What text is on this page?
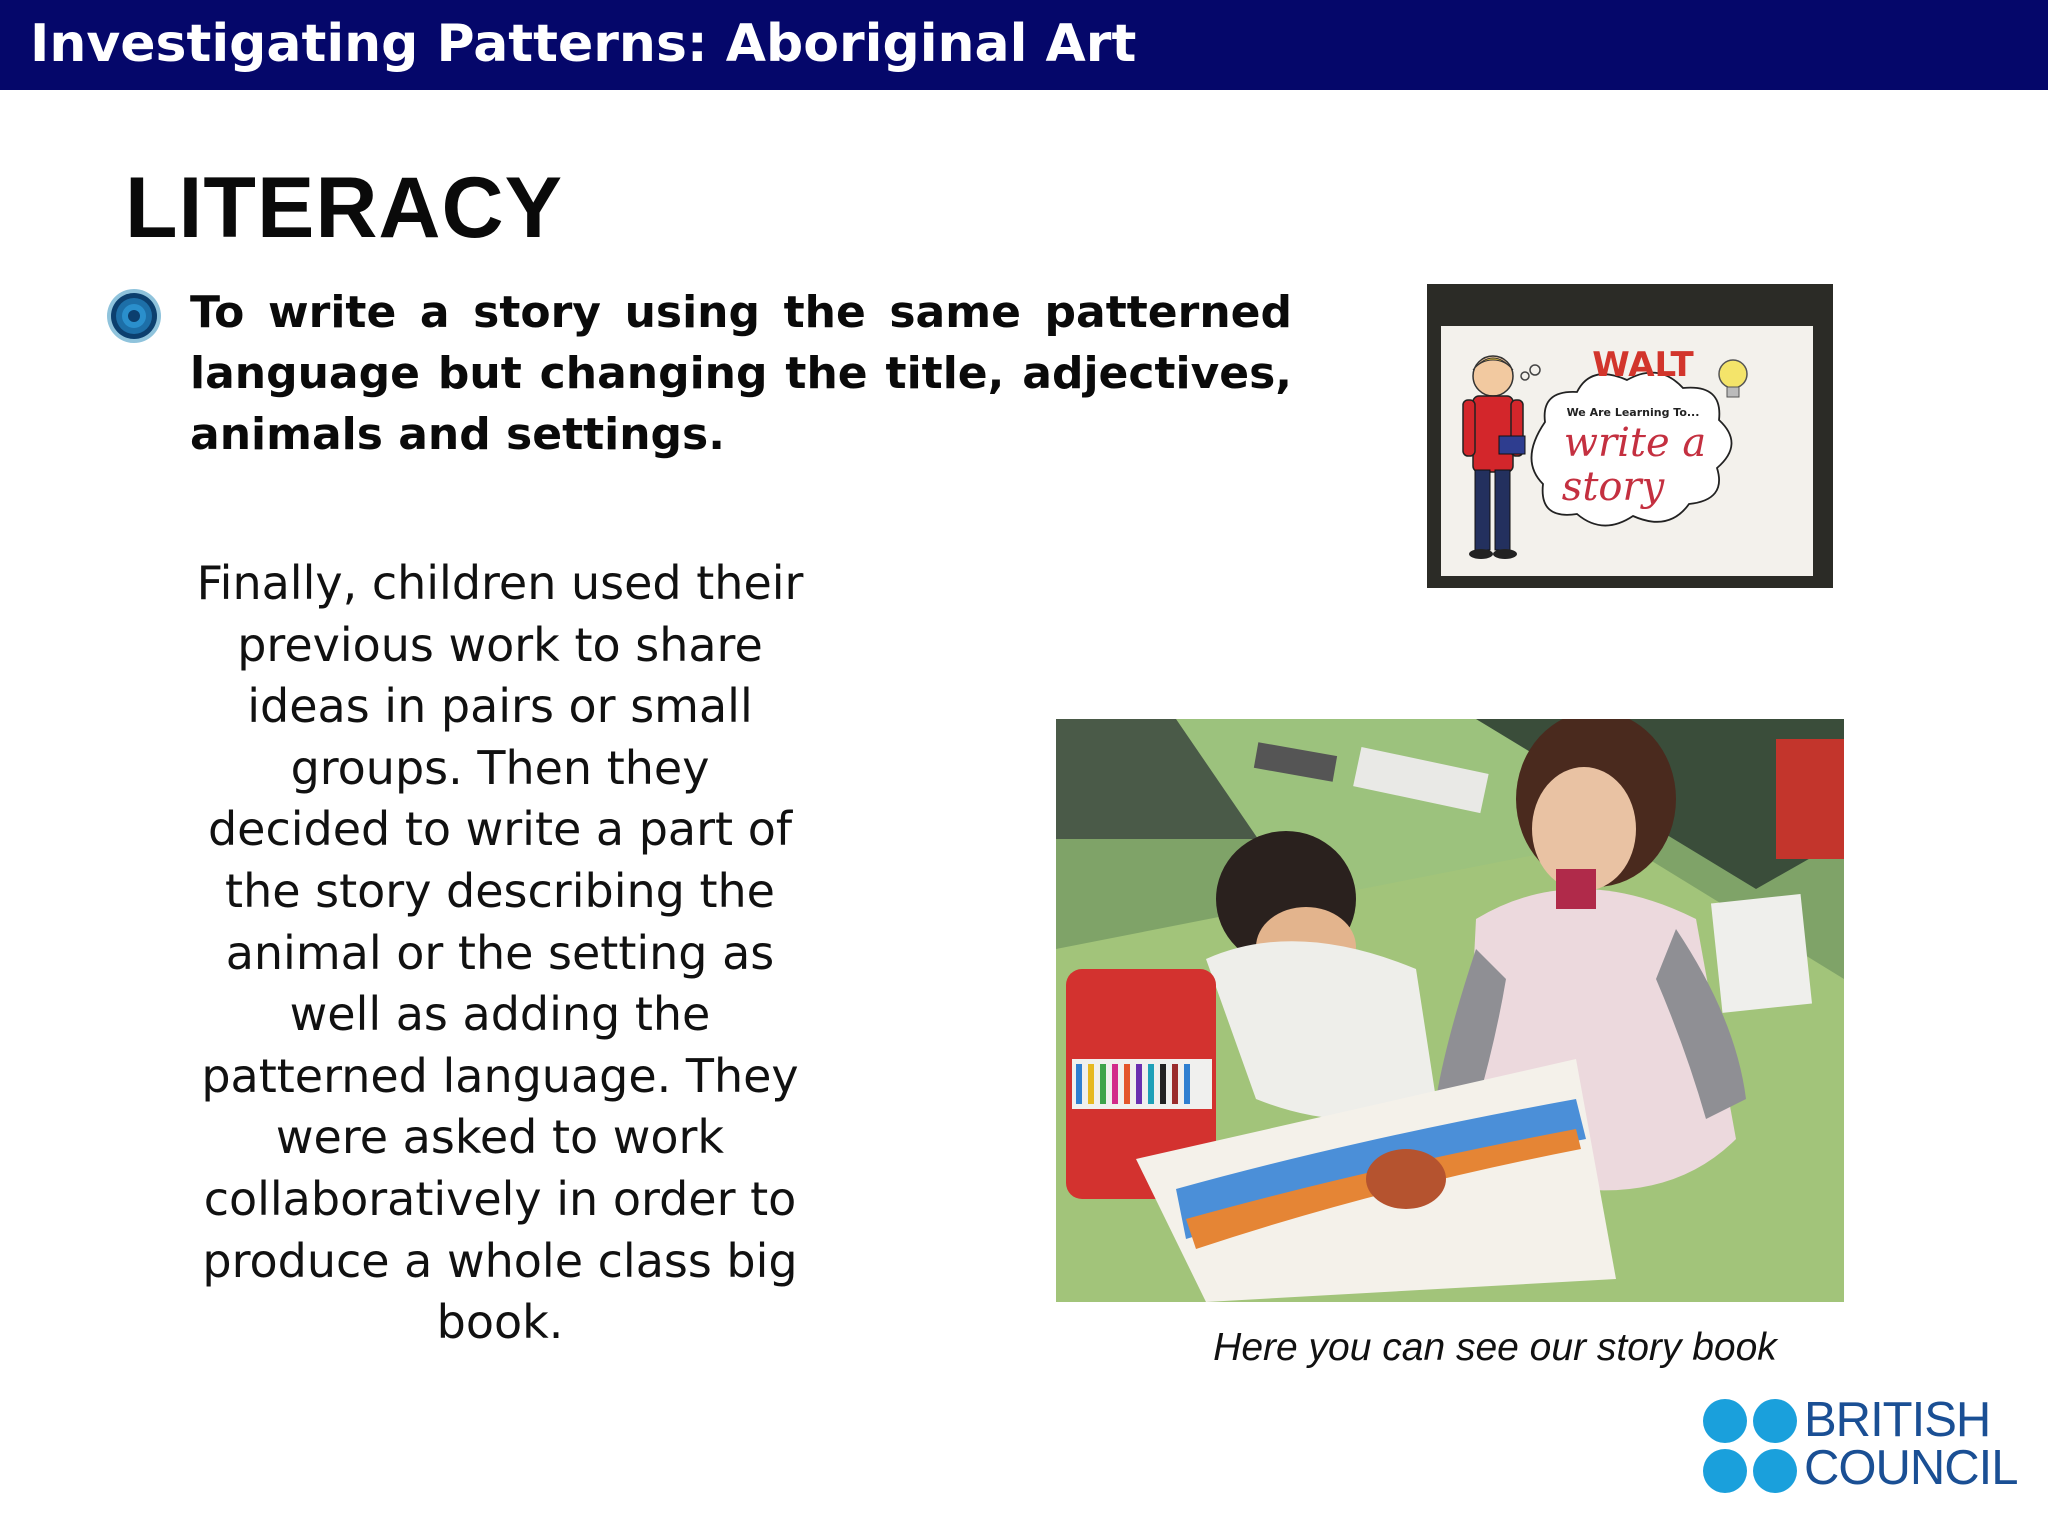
Investigating Patterns: Aboriginal Art
LITERACY
To write a story using the same patterned language but changing the title, adjectives, animals and settings.
Finally, children used their previous work to share ideas in pairs or small groups. Then they decided to write a part of the story describing the animal or the setting as well as adding the patterned language. They were asked to work collaboratively in order to produce a whole class big book.
WALT
We Are Learning To...
write a
story
Here you can see our story book
BRITISH
COUNCIL
